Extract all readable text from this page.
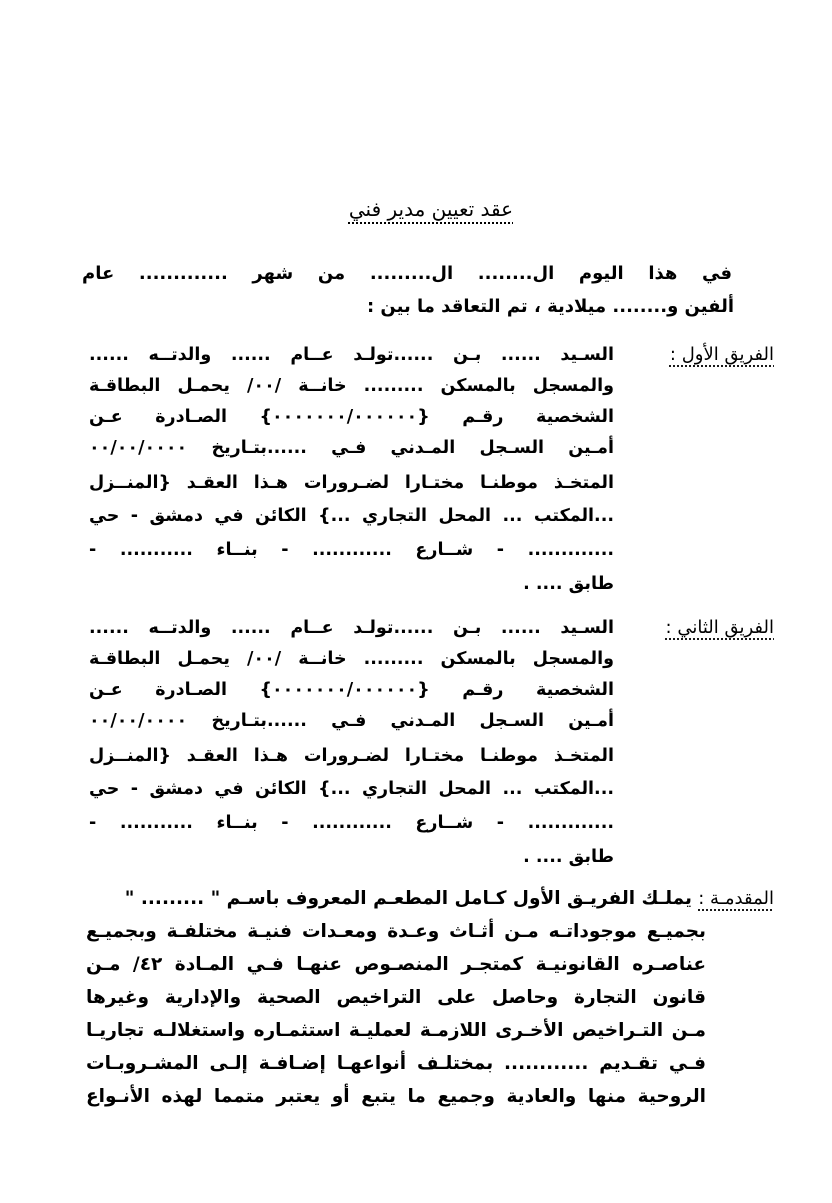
عقد تعيين مدير فني
في هذا اليوم ال........ ال......... من شهر ............. عام
ألفين و........ ميلادية ، تم التعاقد ما بين :
الفريق الأول :
السـيد ...... بـن ......تولـد عــام ...... والدتــه ......
والمسجل بالمسكن ......... خانــة /٠٠/ يحمـل البطاقـة
الشخصية رقـم {٠٠٠٠٠٠٠/٠٠٠٠٠٠} الصـادرة عـن
أمـين السـجل المـدني فـي ......بتـاريخ ٠٠/٠٠/٠٠٠٠
المتخـذ موطنـا مختـارا لضـرورات هـذا العقـد {المنــزل
...المكتب ... المحل التجاري ...} الكائن في دمشق - حي
............. - شــارع ............ - بنــاء ........... -
طابق .... .
الفريق الثاني :
السـيد ...... بـن ......تولـد عــام ...... والدتــه ......
والمسجل بالمسكن ......... خانــة /٠٠/ يحمـل البطاقـة
الشخصية رقـم {٠٠٠٠٠٠٠/٠٠٠٠٠٠} الصـادرة عـن
أمـين السـجل المـدني فـي ......بتـاريخ ٠٠/٠٠/٠٠٠٠
المتخـذ موطنـا مختـارا لضـرورات هـذا العقـد {المنــزل
...المكتب ... المحل التجاري ...} الكائن في دمشق - حي
............. - شــارع ............ - بنــاء ........... -
طابق .... .
المقدمـة :
يملـك الفريـق الأول كـامل المطعـم المعروف باسـم " ......... "
بجميـع موجوداتـه مـن أثـاث وعـدة ومعـدات فنيـة مختلفـة وبجميـع
عناصـره القانونيـة كمتجـر المنصـوص عنهـا فـي المـادة ٤٢/ مـن
قانون التجارة وحاصل على التراخيص الصحية والإدارية وغيرها
مـن التـراخيص الأخـرى اللازمـة لعمليـة استثمـاره واستغلالـه تجاريـا
فـي تقـديم ............ بمختلـف أنواعهـا إضـافـة إلـى المشـروبـات
الروحية منها والعادية وجميع ما يتبع أو يعتبر متمما لهذه الأنـواع
